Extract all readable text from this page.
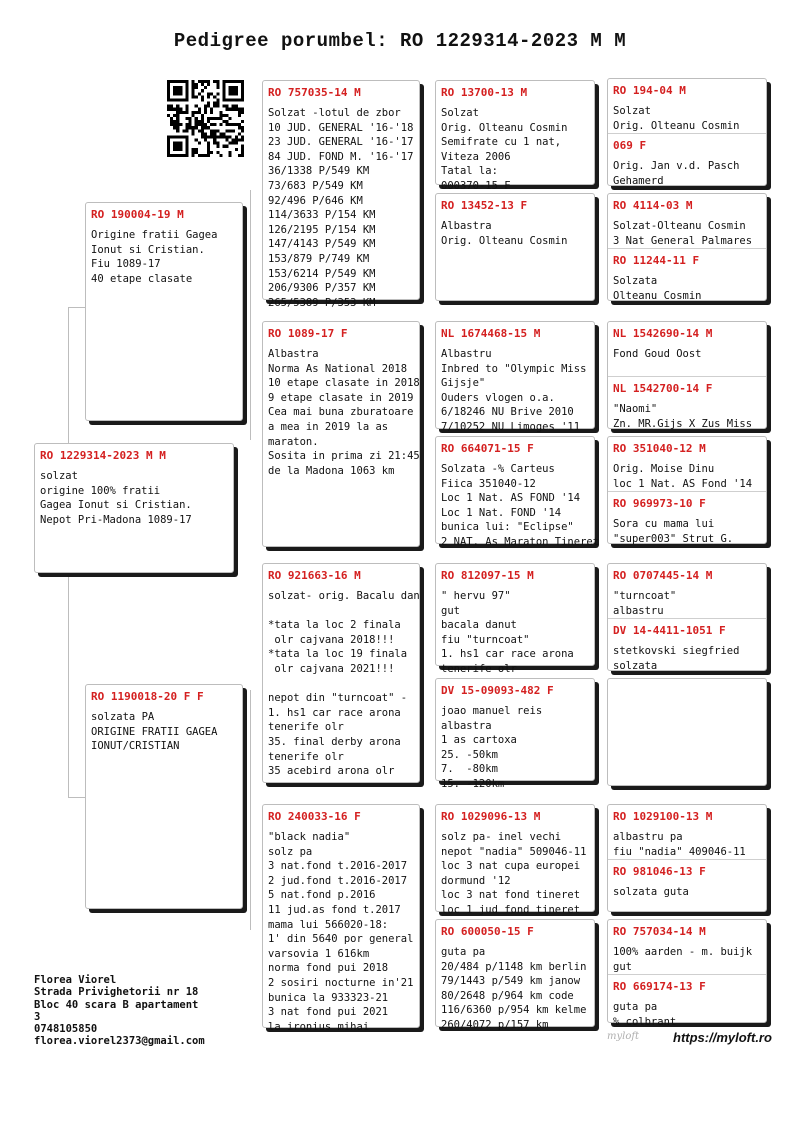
Pedigree porumbel: RO 1229314-2023 M M
RO 1229314-2023 M M
solzat
origine 100% fratii
Gagea Ionut si Cristian.
Nepot Pri-Madona 1089-17
RO 190004-19 M
Origine fratii Gagea
Ionut si Cristian.
Fiu 1089-17
40 etape clasate
RO 1190018-20 F F
solzata PA
ORIGINE FRATII GAGEA
IONUT/CRISTIAN
RO 757035-14 M
Solzat -lotul de zbor
10 JUD. GENERAL '16-'18
23 JUD. GENERAL '16-'17
84 JUD. FOND M. '16-'17
36/1338 P/549 KM
73/683 P/549 KM
92/496 P/646 KM
114/3633 P/154 KM
126/2195 P/154 KM
147/4143 P/549 KM
153/879 P/749 KM
153/6214 P/549 KM
206/9306 P/357 KM
265/5389 P/353 KM
RO 1089-17 F
Albastra
Norma As National 2018
10 etape clasate in 2018
9 etape clasate in 2019
Cea mai buna zburatoare
a mea in 2019 la as
maraton.
Sosita in prima zi 21:45
de la Madona 1063 km
RO 921663-16 M
solzat- orig. Bacalu dan

*tata la loc 2 finala
olr cajvana 2018!!!
*tata la loc 19 finala
olr cajvana 2021!!!

nepot din "turncoat" -
1. hs1 car race arona
tenerife olr
35. final derby arona
tenerife olr
35 acebird arona olr
RO 240033-16 F
"black nadia"
solz pa
3 nat.fond t.2016-2017
2 jud.fond t.2016-2017
5 nat.fond p.2016
11 jud.as fond t.2017
mama lui 566020-18:
1' din 5640 por general
varsovia 1 616km
norma fond pui 2018
2 sosiri nocturne in'21
bunica la 933323-21
3 nat fond pui 2021
la ironius mihai
RO 13700-13 M
Solzat
Orig. Olteanu Cosmin
Semifrate cu 1 nat,
Viteza 2006
Tatal la:
000370-15 F
RO 13452-13 F
Albastra
Orig. Olteanu Cosmin
NL 1674468-15 M
Albastru
Inbred to "Olympic Miss
Gijsje"
Ouders vlogen o.a.
6/18246 NU Brive 2010
7/10252 NU Limoges '11
RO 664071-15 F
Solzata -% Carteus
Fiica 351040-12
Loc 1 Nat. AS FOND '14
Loc 1 Nat. FOND '14
bunica lui: "Eclipse"
2 NAT. As Maraton Tineret
RO 812097-15 M
" hervu 97"
gut
bacala danut
fiu "turncoat"
1. hs1 car race arona
tenerife olr
DV 15-09093-482 F
joao manuel reis
albastra
1 as cartoxa
25. -50km
7.  -80km
15. -120km
RO 1029096-13 M
solz pa- inel vechi
nepot "nadia" 509046-11
loc 3 nat cupa europei
dormund '12
loc 3 nat fond tineret
loc 1 jud fond tineret
RO 600050-15 F
guta pa
20/484 p/1148 km berlin
79/1443 p/549 km janow
80/2648 p/964 km code
116/6360 p/954 km kelme
260/4072 p/157 km
RO 194-04 M
Solzat
Orig. Olteanu Cosmin
069 F
Orig. Jan v.d. Pasch
Gehamerd
RO 4114-03 M
Solzat-Olteanu Cosmin
3 Nat General Palmares
RO 11244-11 F
Solzata
Olteanu Cosmin
NL 1542690-14 M
Fond Goud Oost
NL 1542700-14 F
"Naomi"
Zn. MR.Gijs X Zus Miss
RO 351040-12 M
Orig. Moise Dinu
loc 1 Nat. AS Fond '14
RO 969973-10 F
Sora cu mama lui
"super003" Strut G.
RO 0707445-14 M
"turncoat"
albastru
DV 14-4411-1051 F
stetkovski siegfried
solzata
RO 1029100-13 M
albastru pa
fiu "nadia" 409046-11
RO 981046-13 F
solzata guta
RO 757034-14 M
100% aarden - m. buijk
gut
RO 669174-13 F
guta pa
% colbrant
Florea Viorel
Strada Privighetorii nr 18
Bloc 40 scara B apartament
3
0748105850
florea.viorel2373@gmail.com	myloft	https://myloft.ro
